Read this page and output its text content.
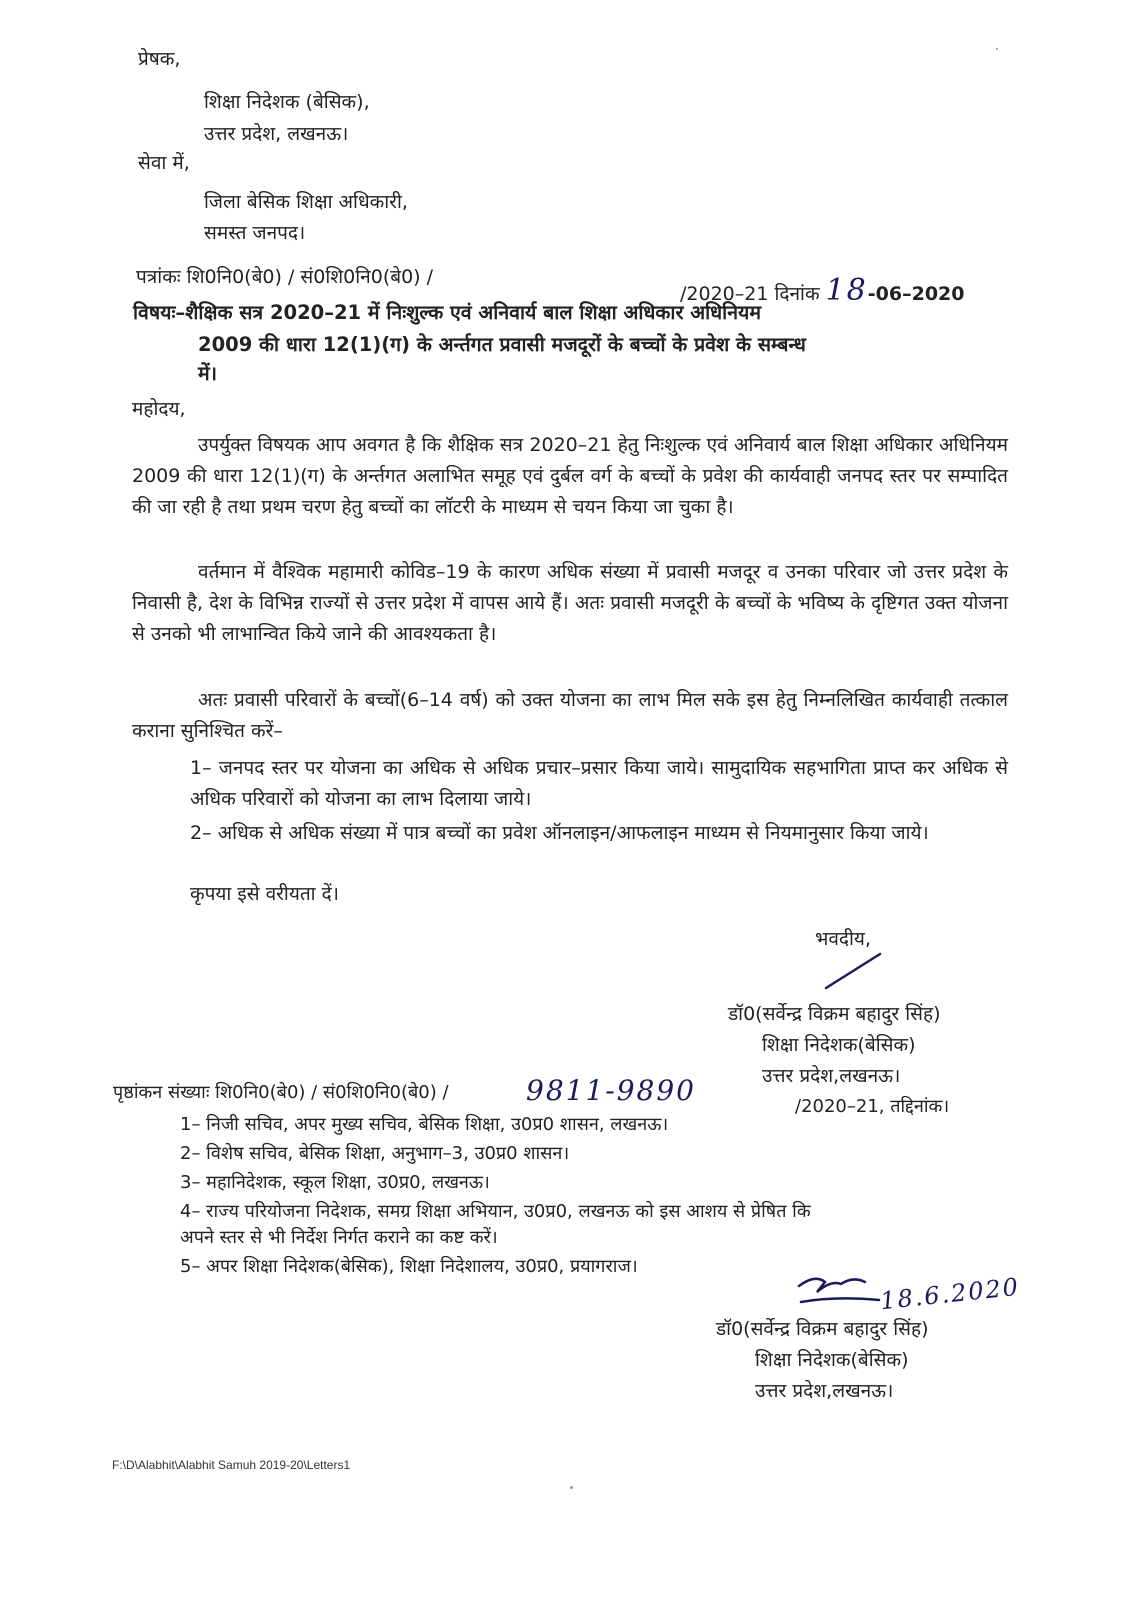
प्रेषक,
शिक्षा निदेशक (बेसिक),
उत्तर प्रदेश, लखनऊ।
सेवा में,
जिला बेसिक शिक्षा अधिकारी,
समस्त जनपद।
पत्रांकः शि0नि0(बे0) / सं0शि0नि0(बे0) /
/2020–21 दिनांक 18-06–2020
विषयः–शैक्षिक सत्र 2020–21 में निःशुल्क एवं अनिवार्य बाल शिक्षा अधिकार अधिनियम
2009 की धारा 12(1)(ग) के अर्न्तगत प्रवासी मजदूरों के बच्चों के प्रवेश के सम्बन्ध
में।
महोदय,
उपर्युक्त विषयक आप अवगत है कि शैक्षिक सत्र 2020–21 हेतु निःशुल्क एवं अनिवार्य बाल शिक्षा अधिकार अधिनियम 2009 की धारा 12(1)(ग) के अर्न्तगत अलाभित समूह एवं दुर्बल वर्ग के बच्चों के प्रवेश की कार्यवाही जनपद स्तर पर सम्पादित की जा रही है तथा प्रथम चरण हेतु बच्चों का लॉटरी के माध्यम से चयन किया जा चुका है।
वर्तमान में वैश्विक महामारी कोविड–19 के कारण अधिक संख्या में प्रवासी मजदूर व उनका परिवार जो उत्तर प्रदेश के निवासी है, देश के विभिन्न राज्यों से उत्तर प्रदेश में वापस आये हैं। अतः प्रवासी मजदूरी के बच्चों के भविष्य के दृष्टिगत उक्त योजना से उनको भी लाभान्वित किये जाने की आवश्यकता है।
अतः प्रवासी परिवारों के बच्चों(6–14 वर्ष) को उक्त योजना का लाभ मिल सके इस हेतु निम्नलिखित कार्यवाही तत्काल कराना सुनिश्चित करें–
1– जनपद स्तर पर योजना का अधिक से अधिक प्रचार–प्रसार किया जाये। सामुदायिक सहभागिता प्राप्त कर अधिक से अधिक परिवारों को योजना का लाभ दिलाया जाये।
2– अधिक से अधिक संख्या में पात्र बच्चों का प्रवेश ऑनलाइन/आफलाइन माध्यम से नियमानुसार किया जाये।
कृपया इसे वरीयता दें।
भवदीय,
डॉ0(सर्वेन्द्र विक्रम बहादुर सिंह)
शिक्षा निदेशक(बेसिक)
उत्तर प्रदेश,लखनऊ।
पृष्ठांकन संख्याः शि0नि0(बे0) / सं0शि0नि0(बे0) /	9811-9890	/2020–21, तद्दिनांक।
1– निजी सचिव, अपर मुख्य सचिव, बेसिक शिक्षा, उ0प्र0 शासन, लखनऊ।
2– विशेष सचिव, बेसिक शिक्षा, अनुभाग–3, उ0प्र0 शासन।
3– महानिदेशक, स्कूल शिक्षा, उ0प्र0, लखनऊ।
4– राज्य परियोजना निदेशक, समग्र शिक्षा अभियान, उ0प्र0, लखनऊ को इस आशय से प्रेषित कि
अपने स्तर से भी निर्देश निर्गत कराने का कष्ट करें।
5– अपर शिक्षा निदेशक(बेसिक), शिक्षा निदेशालय, उ0प्र0, प्रयागराज।
18.6.2020
डॉ0(सर्वेन्द्र विक्रम बहादुर सिंह)
शिक्षा निदेशक(बेसिक)
उत्तर प्रदेश,लखनऊ।
F:\D\Alabhit\Alabhit Samuh 2019-20\Letters1
